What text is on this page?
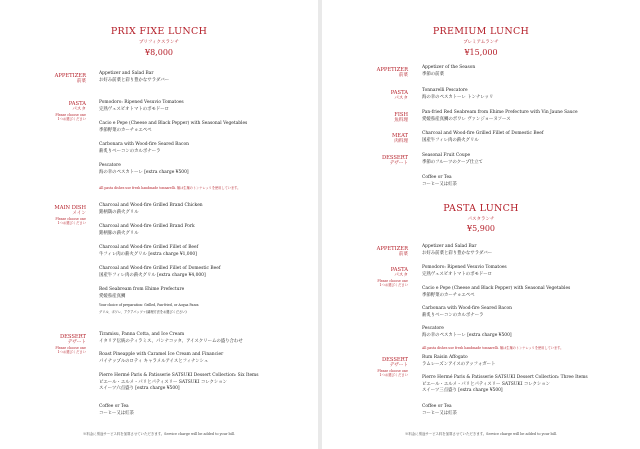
PRIX FIXE LUNCH
プリフィクスランチ
¥8,000
APPETIZER
前菜
Appetizer and Salad Bar
お好み前菜と彩り豊かなサラダバー
PASTA
パスタ
Please choose one
1つお選びください
Pomodoro: Ripened Vesuvio Tomatoes
完熟ヴェスビオトマトのポモドーロ
Cacio e Pepe (Cheese and Black Pepper) with Seasonal Vegetables
季節野菜のカーチョエペペ
Carbonara with Wood-fire Seared Bacon
薪炙りベーコンのカルボナーラ
Pescatore
海の幸のペスカトーレ [extra charge ¥500]
All pasta dishes use fresh handmade tonnarelli. 麺は生麺のトンナレッリを使用しています。
MAIN DISH
メイン
Please choose one
1つお選びください
Charcoal and Wood-fire Grilled Brand Chicken
銘柄鶏の薪火グリル
Charcoal and Wood-fire Grilled Brand Pork
銘柄豚の薪火グリル
Charcoal and Wood-fire Grilled Fillet of Beef
牛フィレ肉の薪火グリル [extra charge ¥1,000]
Charcoal and Wood-fire Grilled Fillet of Domestic Beef
国産牛フィレ肉の薪火グリル [extra charge ¥4,000]
Red Seabream from Ehime Prefecture
愛媛県産真鯛
Your choice of preparation: Grilled, Pan-fried, or Acqua Pazza
グリル、ポワレ、アクアパッツァ(調理方法をお選びください)
DESSERT
デザート
Please choose one
1つお選びください
Tiramisu, Panna Cotta, and Ice Cream
イタリア伝統のティラミス、パンナコッタ、アイスクリームの盛り合わせ
Roast Pineapple with Caramel Ice Cream and Financier
パイナップルのロティ キャラメルアイスとフィナンシェ
Pierre Hermé Paris & Patisserie SATSUKI Dessert Collection: Six Items
ピエール・エルメ・パリとパティスリー SATSUKI コレクション
スイーツ六点盛り [extra charge ¥500]
Coffee or Tea
コーヒー又は紅茶
※料金に別途サービス料を加算させていただきます。Service charge will be added to your bill.
PREMIUM LUNCH
プレミアムランチ
¥15,000
APPETIZER
前菜
Appetizer of the Season
季節の前菜
PASTA
パスタ
Tonnarelli Pescatore
海の幸のペスカトーレ トンナレッリ
FISH
魚料理
Pan-fried Red Seabream from Ehime Prefecture with Vin Jaune Sauce
愛媛県産真鯛のポワレ ヴァンジョーヌソース
MEAT
肉料理
Charcoal and Wood-fire Grilled Fillet of Domestic Beef
国産牛フィレ肉の薪火グリル
DESSERT
デザート
Seasonal Fruit Coupe
季節のフルーツのクープ仕立て
Coffee or Tea
コーヒー又は紅茶
PASTA LUNCH
パスタランチ
¥5,900
APPETIZER
前菜
Appetizer and Salad Bar
お好み前菜と彩り豊かなサラダバー
PASTA
パスタ
Please choose one
1つお選びください
Pomodoro: Ripened Vesuvio Tomatoes
完熟ヴェスビオトマトのポモドーロ
Cacio e Pepe (Cheese and Black Pepper) with Seasonal Vegetables
季節野菜のカーチョエペペ
Carbonara with Wood-fire Seared Bacon
薪炙りベーコンのカルボナーラ
Pescatore
海の幸のペスカトーレ [extra charge ¥500]
All pasta dishes use fresh handmade tonnarelli. 麺は生麺のトンナレッリを使用しています。
DESSERT
デザート
Please choose one
1つお選びください
Rum Raisin Affogato
ラムレーズンアイスのアッフォガート
Pierre Hermé Paris & Patisserie SATSUKI Dessert Collection: Three Items
ピエール・エルメ・パリとパティスリー SATSUKI コレクション
スイーツ三点盛り [extra charge ¥500]
Coffee or Tea
コーヒー又は紅茶
※料金に別途サービス料を加算させていただきます。Service charge will be added to your bill.
